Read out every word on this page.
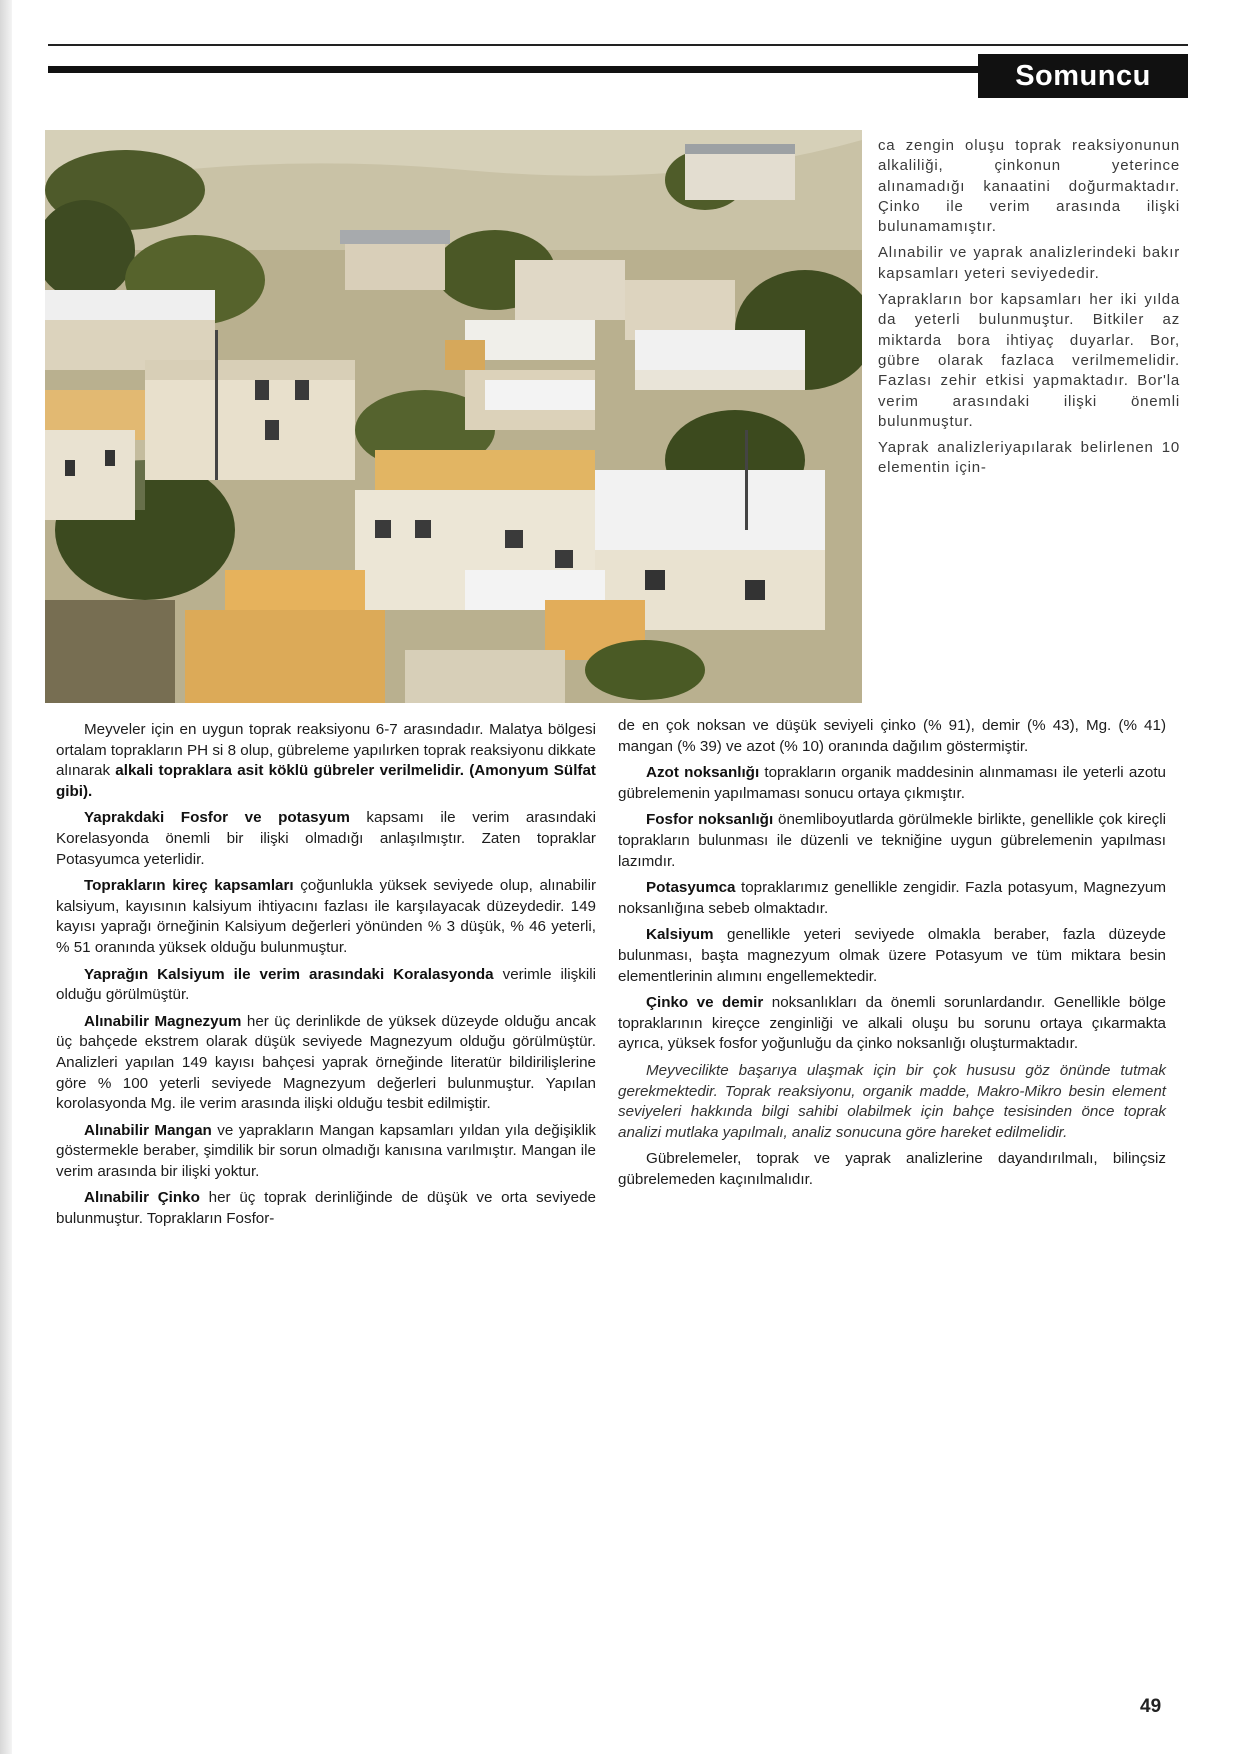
Somuncu Baba

ca zengin oluşu toprak reaksiyonunun alkaliliği, çinkonun yeterince alınamadığı kanaatini doğurmaktadır. Çinko ile verim arasında ilişki bulunamamıştır.

Alınabilir ve yaprak analizlerindeki bakır kapsamları yeteri seviyededir.

Yaprakların bor kapsamları her iki yılda da yeterli bulunmuştur. Bitkiler az miktarda bora ihtiyaç duyarlar. Bor, gübre olarak fazlaca verilmemelidir. Fazlası zehir etkisi yapmaktadır. Bor'la verim arasındaki ilişki önemli bulunmuştur.

Yaprak analizleriyapılarak belirlenen 10 elementin için-

Meyveler için en uygun toprak reaksiyonu 6-7 arasındadır. Malatya bölgesi ortalam toprakların PH si 8 olup, gübreleme yapılırken toprak reaksiyonu dikkate alınarak alkali topraklara asit köklü gübreler verilmelidir. (Amonyum Sülfat gibi).

Yaprakdaki Fosfor ve potasyum kapsamı ile verim arasındaki Korelasyonda önemli bir ilişki olmadığı anlaşılmıştır. Zaten topraklar Potasyumca yeterlidir.

Toprakların kireç kapsamları çoğunlukla yüksek seviyede olup, alınabilir kalsiyum, kayısının kalsiyum ihtiyacını fazlası ile karşılayacak düzeydedir. 149 kayısı yaprağı örneğinin Kalsiyum değerleri yönünden % 3 düşük, % 46 yeterli, % 51 oranında yüksek olduğu bulunmuştur.

Yaprağın Kalsiyum ile verim arasındaki Koralasyonda verimle ilişkili olduğu görülmüştür.

Alınabilir Magnezyum her üç derinlikde de yüksek düzeyde olduğu ancak üç bahçede ekstrem olarak düşük seviyede Magnezyum olduğu görülmüştür. Analizleri yapılan 149 kayısı bahçesi yaprak örneğinde literatür bildirilişlerine göre % 100 yeterli seviyede Magnezyum değerleri bulunmuştur. Yapılan korolasyonda Mg. ile verim arasında ilişki olduğu tesbit edilmiştir.

Alınabilir Mangan ve yaprakların Mangan kapsamları yıldan yıla değişiklik göstermekle beraber, şimdilik bir sorun olmadığı kanısına varılmıştır. Mangan ile verim arasında bir ilişki yoktur.

Alınabilir Çinko her üç toprak derinliğinde de düşük ve orta seviyede bulunmuştur. Toprakların Fosfor-

de en çok noksan ve düşük seviyeli çinko (% 91), demir (% 43), Mg. (% 41) mangan (% 39) ve azot (% 10) oranında dağılım göstermiştir.

Azot noksanlığı toprakların organik maddesinin alınmaması ile yeterli azotu gübrelemenin yapılmaması sonucu ortaya çıkmıştır.

Fosfor noksanlığı önemliboyutlarda görülmekle birlikte, genellikle çok kireçli toprakların bulunması ile düzenli ve tekniğine uygun gübrelemenin yapılması lazımdır.

Potasyumca topraklarımız genellikle zengidir. Fazla potasyum, Magnezyum noksanlığına sebeb olmaktadır.

Kalsiyum genellikle yeteri seviyede olmakla beraber, fazla düzeyde bulunması, başta magnezyum olmak üzere Potasyum ve tüm miktara besin elementlerinin alımını engellemektedir.

Çinko ve demir noksanlıkları da önemli sorunlardandır. Genellikle bölge topraklarının kireçce zenginliği ve alkali oluşu bu sorunu ortaya çıkarmakta ayrıca, yüksek fosfor yoğunluğu da çinko noksanlığı oluşturmaktadır.

Meyvecilikte başarıya ulaşmak için bir çok hususu göz önünde tutmak gerekmektedir. Toprak reaksiyonu, organik madde, Makro-Mikro besin element seviyeleri hakkında bilgi sahibi olabilmek için bahçe tesisinden önce toprak analizi mutlaka yapılmalı, analiz sonucuna göre hareket edilmelidir.

Gübrelemeler, toprak ve yaprak analizlerine dayandırılmalı, bilinçsiz gübrelemeden kaçınılmalıdır.

49
